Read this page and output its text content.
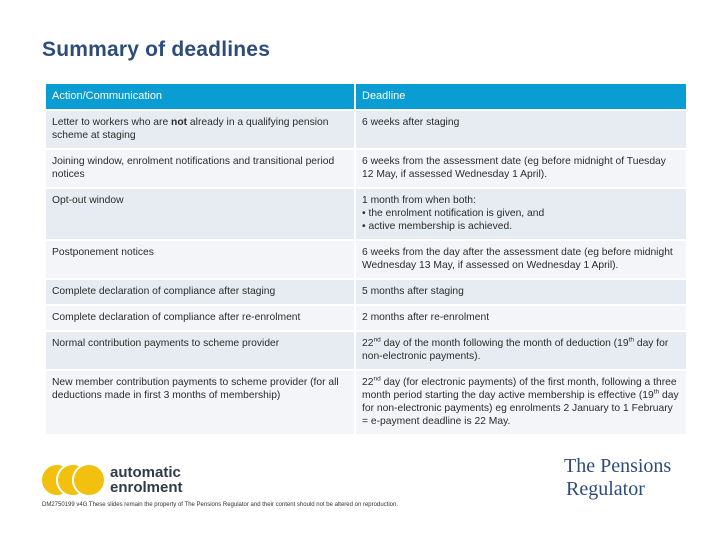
Summary of deadlines
Action/Communication	Deadline
Letter to workers who are not already in a qualifying pension scheme at staging	6 weeks after staging
Joining window, enrolment notifications and transitional period notices	6 weeks from the assessment date (eg before midnight of Tuesday 12 May, if assessed Wednesday 1 April).
Opt-out window	1 month from when both:
• the enrolment notification is given, and
• active membership is achieved.

Postponement notices	6 weeks from the day after the assessment date (eg before midnight Wednesday 13 May, if assessed on Wednesday 1 April).
Complete declaration of compliance after staging	5 months after staging
Complete declaration of compliance after re-enrolment	2 months after re-enrolment
Normal contribution payments to scheme provider	22nd day of the month following the month of deduction (19th day for non-electronic payments).
New member contribution payments to scheme provider (for all deductions made in first 3 months of membership)	22nd day (for electronic payments) of the first month, following a three month period starting the day active membership is effective (19th day for non-electronic payments) eg enrolments 2 January to 1 February = e-payment deadline is 22 May.
automatic
enrolment
The Pensions
Regulator
DM2750199 v4G These slides remain the property of The Pensions Regulator and their content should not be altered on reproduction.
